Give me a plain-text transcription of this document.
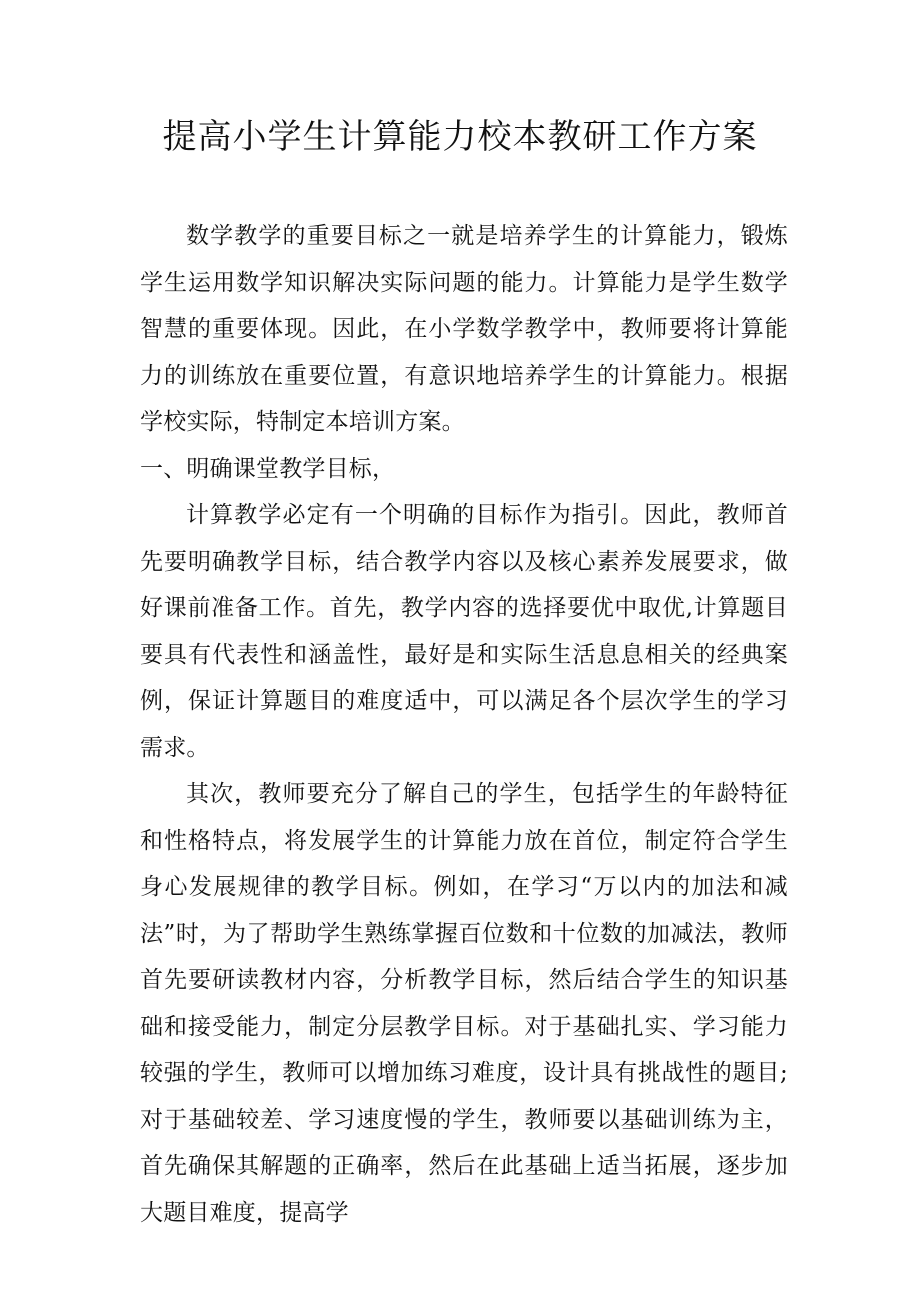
提高小学生计算能力校本教研工作方案

数学教学的重要目标之一就是培养学生的计算能力，锻炼学生运用数学知识解决实际问题的能力。计算能力是学生数学智慧的重要体现。因此，在小学数学教学中，教师要将计算能力的训练放在重要位置，有意识地培养学生的计算能力。根据学校实际，特制定本培训方案。

一、明确课堂教学目标，

计算教学必定有一个明确的目标作为指引。因此，教师首先要明确教学目标，结合教学内容以及核心素养发展要求，做好课前准备工作。首先，教学内容的选择要优中取优,计算题目要具有代表性和涵盖性，最好是和实际生活息息相关的经典案例，保证计算题目的难度适中，可以满足各个层次学生的学习需求。

其次，教师要充分了解自己的学生，包括学生的年龄特征和性格特点，将发展学生的计算能力放在首位，制定符合学生身心发展规律的教学目标。例如，在学习“万以内的加法和减法”时，为了帮助学生熟练掌握百位数和十位数的加减法，教师首先要研读教材内容，分析教学目标，然后结合学生的知识基础和接受能力，制定分层教学目标。对于基础扎实、学习能力较强的学生，教师可以增加练习难度，设计具有挑战性的题目;对于基础较差、学习速度慢的学生，教师要以基础训练为主，首先确保其解题的正确率，然后在此基础上适当拓展，逐步加大题目难度，提高学
